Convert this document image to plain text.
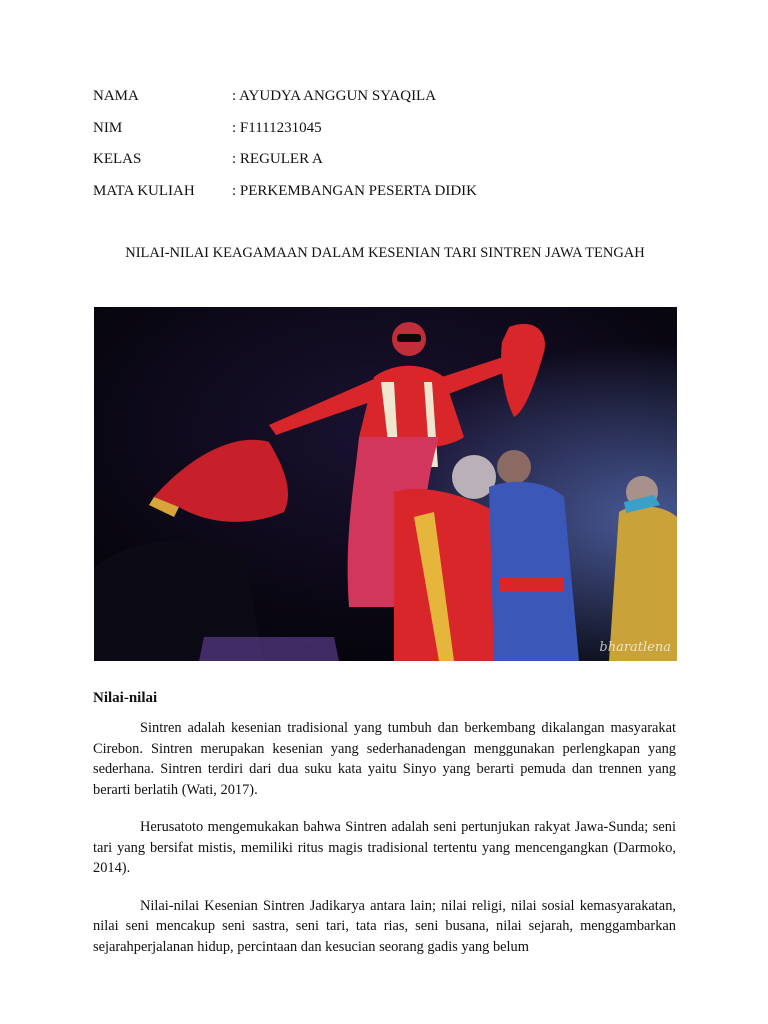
NAMA	: AYUDYA ANGGUN SYAQILA
NIM	: F1111231045
KELAS	: REGULER A
MATA KULIAH : PERKEMBANGAN PESERTA DIDIK
NILAI-NILAI KEAGAMAAN DALAM KESENIAN TARI SINTREN JAWA TENGAH
bharatlena
Nilai-nilai

Sintren adalah kesenian tradisional yang tumbuh dan berkembang dikalangan masyarakat Cirebon. Sintren merupakan kesenian yang sederhanadengan menggunakan perlengkapan yang sederhana. Sintren terdiri dari dua suku kata yaitu Sinyo yang berarti pemuda dan trennen yang berarti berlatih (Wati, 2017).

Herusatoto mengemukakan bahwa Sintren adalah seni pertunjukan rakyat Jawa-Sunda; seni tari yang bersifat mistis, memiliki ritus magis tradisional tertentu yang mencengangkan (Darmoko, 2014).

Nilai-nilai Kesenian Sintren Jadikarya antara lain; nilai religi, nilai sosial kemasyarakatan, nilai seni mencakup seni sastra, seni tari, tata rias, seni busana, nilai sejarah, menggambarkan sejarahperjalanan hidup, percintaan dan kesucian seorang gadis yang belum
